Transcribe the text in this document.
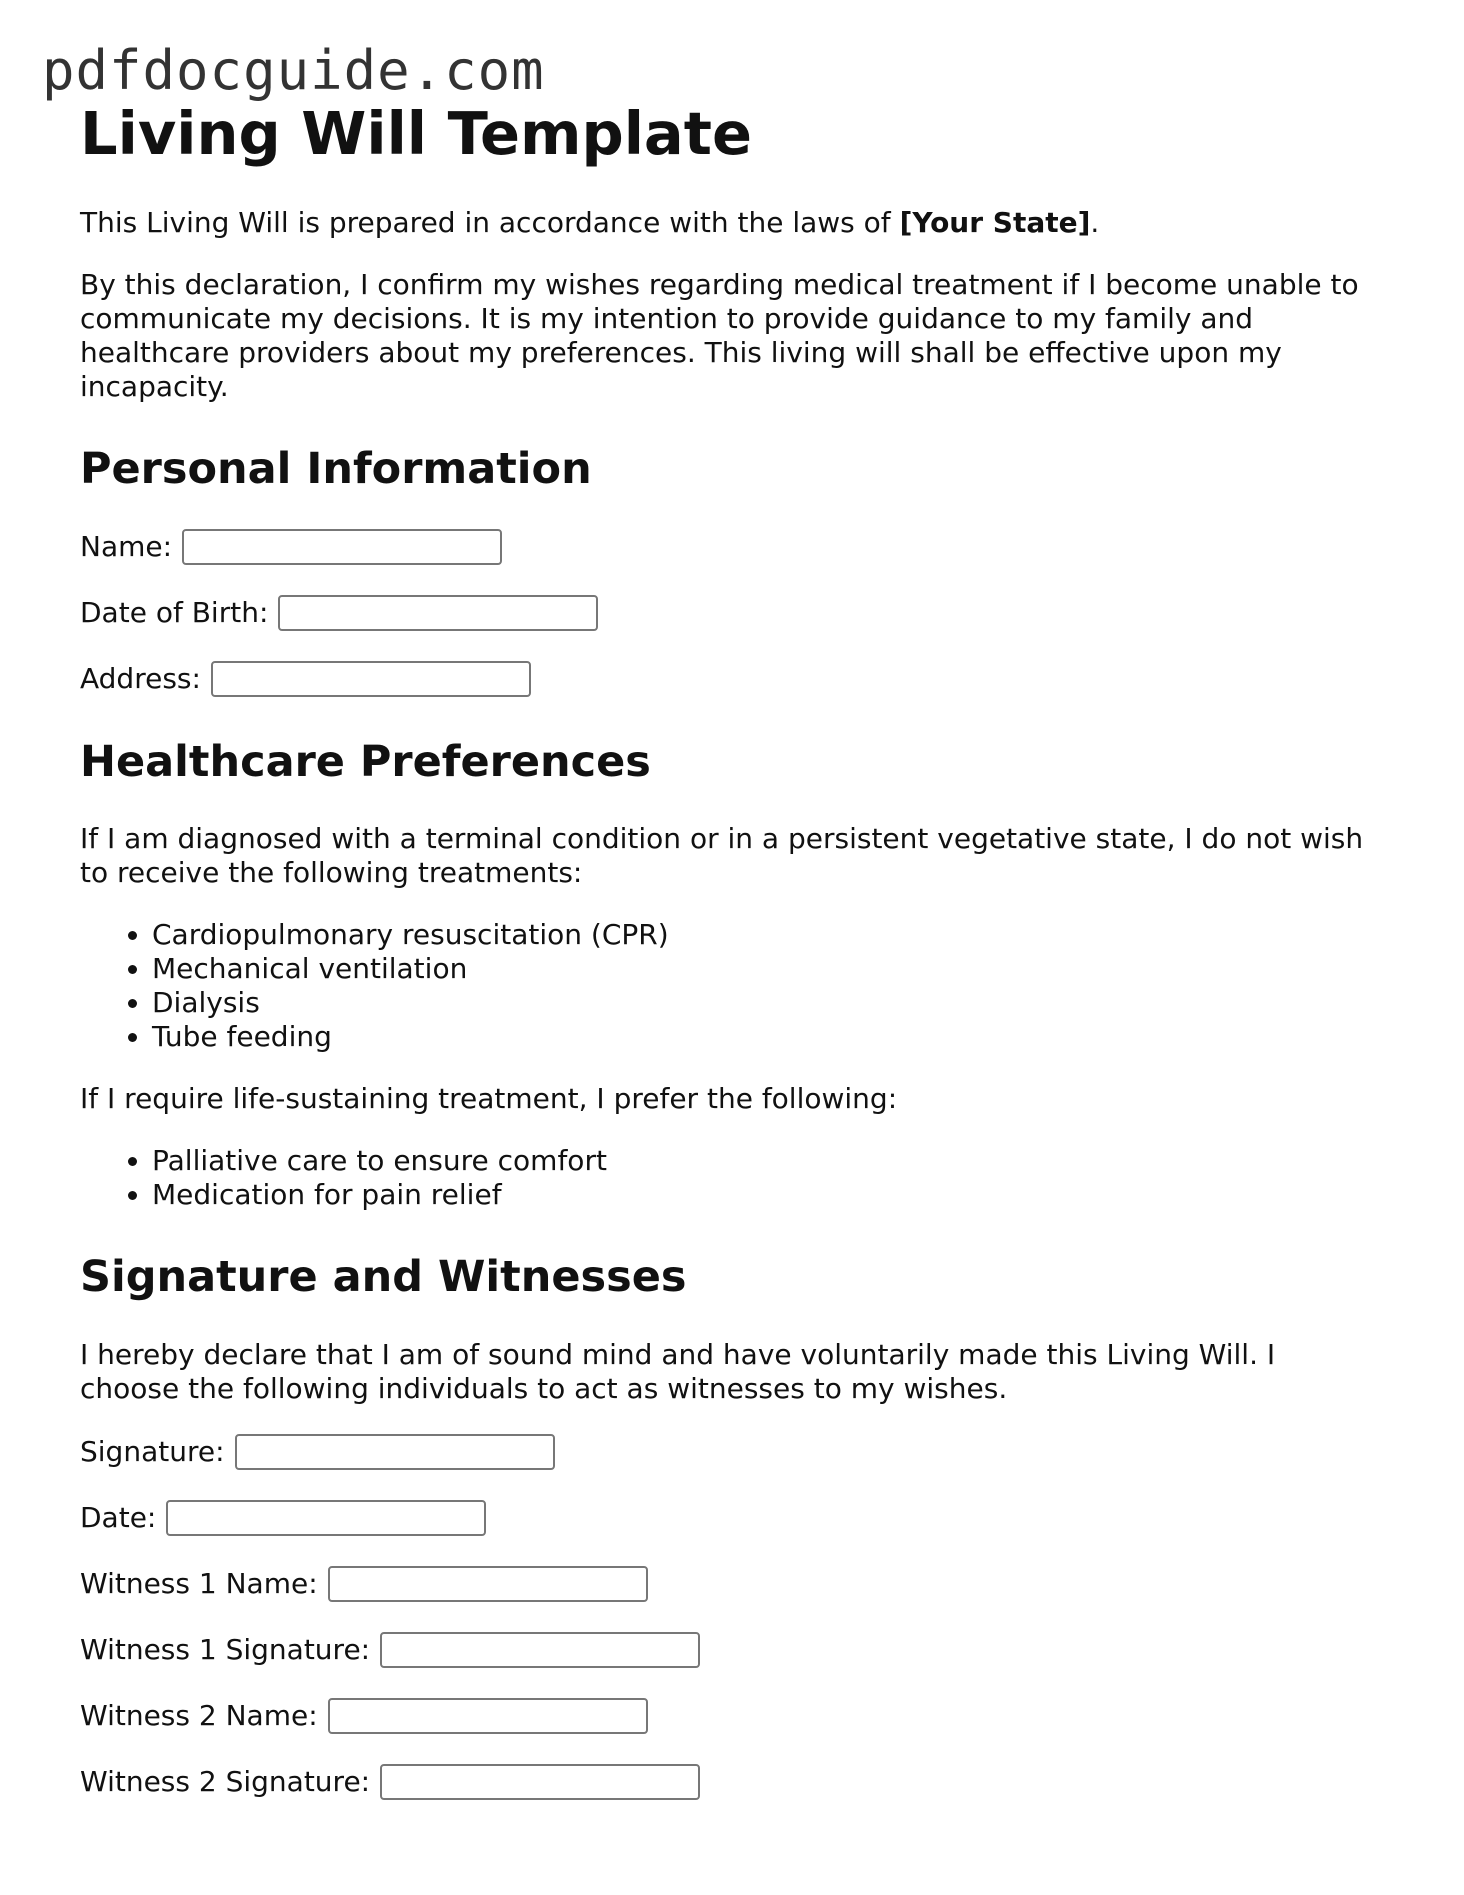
pdfdocguide.com
Living Will Template

This Living Will is prepared in accordance with the laws of [Your State].

By this declaration, I confirm my wishes regarding medical treatment if I become unable to communicate my decisions. It is my intention to provide guidance to my family and healthcare providers about my preferences. This living will shall be effective upon my incapacity.

Personal Information
Name:
Date of Birth:
Address:
Healthcare Preferences

If I am diagnosed with a terminal condition or in a persistent vegetative state, I do not wish to receive the following treatments:

• Cardiopulmonary resuscitation (CPR)
• Mechanical ventilation
• Dialysis
• Tube feeding

If I require life-sustaining treatment, I prefer the following:

• Palliative care to ensure comfort
• Medication for pain relief
Signature and Witnesses

I hereby declare that I am of sound mind and have voluntarily made this Living Will. I choose the following individuals to act as witnesses to my wishes.

Signature:
Date:
Witness 1 Name:
Witness 1 Signature:
Witness 2 Name:
Witness 2 Signature:
